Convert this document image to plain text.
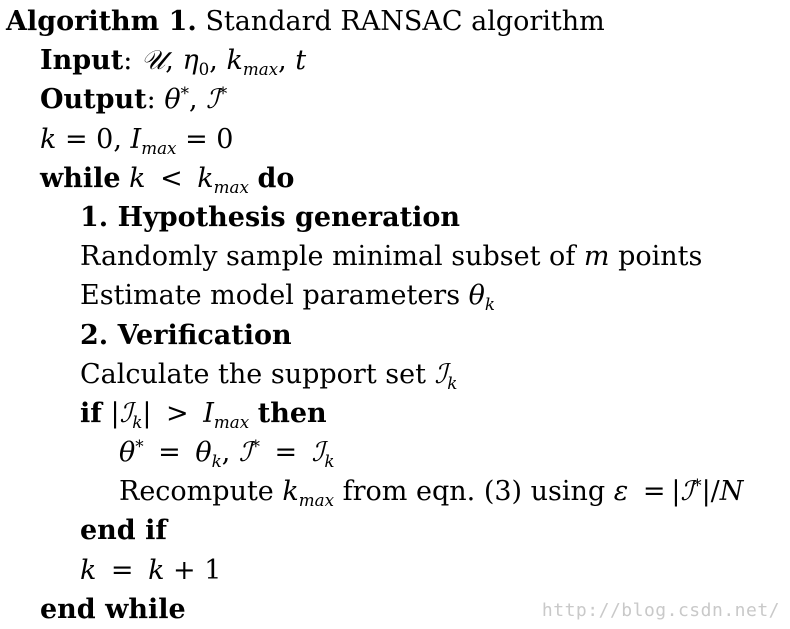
Algorithm 1. Standard RANSAC algorithm
Input: 𝒰, $\eta_0$, $k_{max}$, t
Output: θ*, ℐ*
k = 0, $I_{max} = 0$
while $k < k_{max}$ do
1. Hypothesis generation
Randomly sample minimal subset of m points
Estimate model parameters $\theta_k$
2. Verification
Calculate the support set ℐ$_k$
if |ℐ$_k$| > $I_{max}$ then
$\theta^* = \theta_k$, ℐ* = ℐ$_k$
Recompute $k_{max}$ from eqn. (3) using ε = |ℐ*|/N
end if
k = k + 1
end while	http://blog.csdn.net/
